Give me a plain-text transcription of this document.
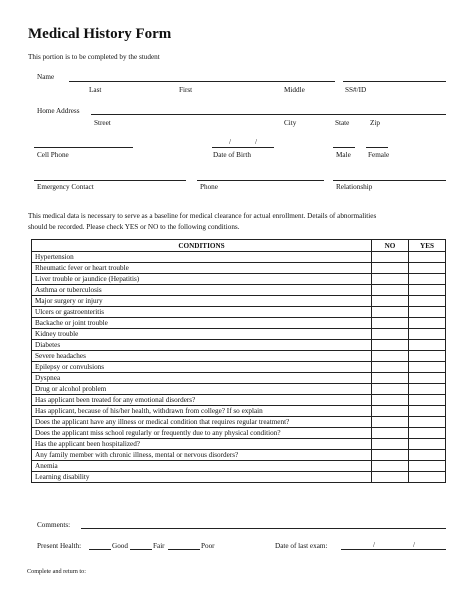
Medical History Form
This portion is to be completed by the student
Name
Last	First	Middle	SS#/ID
Home Address
Street	City	State	Zip
/	/
Cell Phone	Date of Birth	Male Female
Emergency Contact	Phone	Relationship
This medical data is necessary to serve as a baseline for medical clearance for actual enrollment. Details of abnormalities
should be recorded. Please check YES or NO to the following conditions.
CONDITIONS	NO	YES
Hypertension		
Rheumatic fever or heart trouble		
Liver trouble or jaundice (Hepatitis)		
Asthma or tuberculosis		
Major surgery or injury		
Ulcers or gastroenteritis		
Backache or joint trouble		
Kidney trouble		
Diabetes		
Severe headaches		
Epilepsy or convulsions		
Dyspnea		
Drug or alcohol problem		
Has applicant been treated for any emotional disorders?		
Has applicant, because of his/her health, withdrawn from college? If so explain		
Does the applicant have any illness or medical condition that requires regular treatment?		
Does the applicant miss school regularly or frequently due to any physical condition?		
Has the applicant been hospitalized?		
Any family member with chronic illness, mental or nervous disorders?		
Anemia		
Learning disability		
Comments:
Present Health:	Good	Fair	Poor	Date of last exam:	/	/
Complete and return to:
